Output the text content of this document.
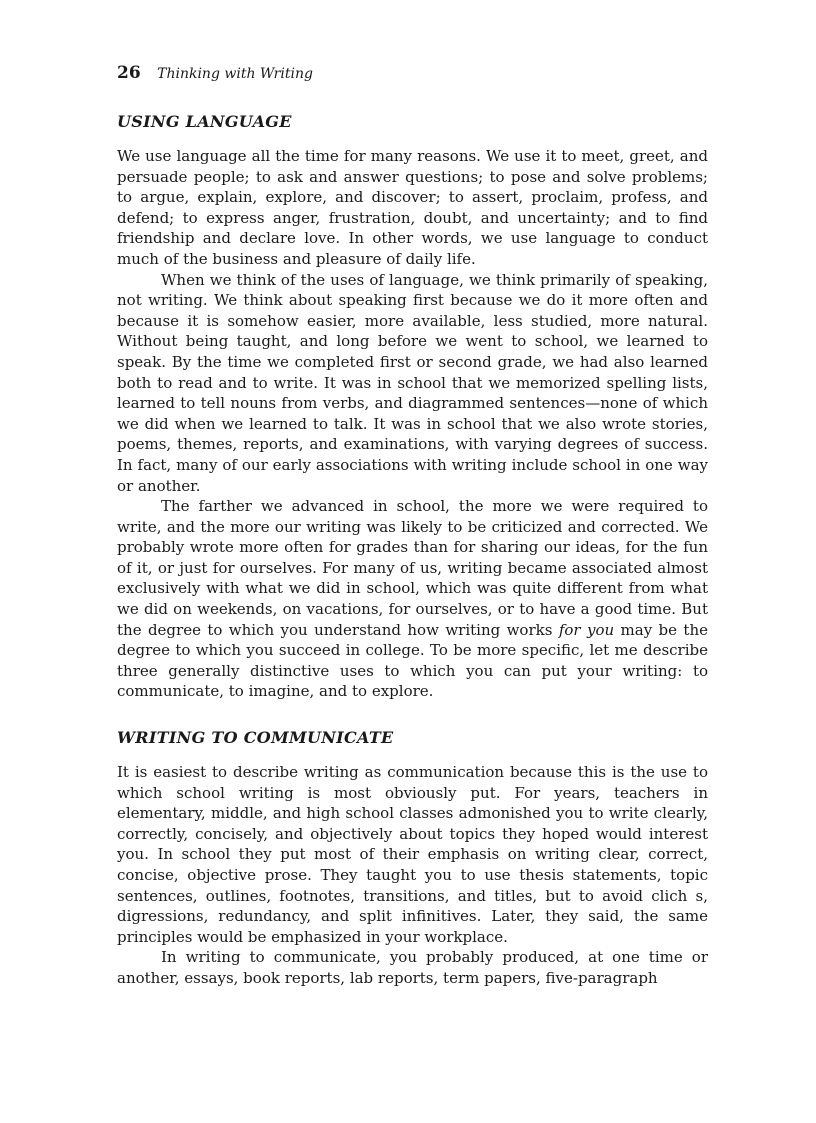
26 Thinking with Writing
USING LANGUAGE

We use language all the time for many reasons. We use it to meet, greet, and persuade people; to ask and answer questions; to pose and solve problems; to argue, explain, explore, and discover; to assert, proclaim, profess, and defend; to express anger, frustration, doubt, and uncertainty; and to find friendship and declare love. In other words, we use language to conduct much of the business and pleasure of daily life.

When we think of the uses of language, we think primarily of speaking, not writing. We think about speaking first because we do it more often and because it is somehow easier, more available, less studied, more natural. Without being taught, and long before we went to school, we learned to speak. By the time we completed first or second grade, we had also learned both to read and to write. It was in school that we memorized spelling lists, learned to tell nouns from verbs, and diagrammed sentences—none of which we did when we learned to talk. It was in school that we also wrote stories, poems, themes, reports, and examinations, with varying degrees of success. In fact, many of our early associations with writing include school in one way or another.

The farther we advanced in school, the more we were required to write, and the more our writing was likely to be criticized and corrected. We probably wrote more often for grades than for sharing our ideas, for the fun of it, or just for ourselves. For many of us, writing became associated almost exclusively with what we did in school, which was quite different from what we did on weekends, on vacations, for ourselves, or to have a good time. But the degree to which you understand how writing works for you may be the degree to which you succeed in college. To be more specific, let me describe three generally distinctive uses to which you can put your writing: to communicate, to imagine, and to explore.

WRITING TO COMMUNICATE

It is easiest to describe writing as communication because this is the use to which school writing is most obviously put. For years, teachers in elementary, middle, and high school classes admonished you to write clearly, correctly, concisely, and objectively about topics they hoped would interest you. In school they put most of their emphasis on writing clear, correct, concise, objective prose. They taught you to use thesis statements, topic sentences, outlines, footnotes, transitions, and titles, but to avoid clich s, digressions, redundancy, and split infinitives. Later, they said, the same principles would be emphasized in your workplace.

In writing to communicate, you probably produced, at one time or another, essays, book reports, lab reports, term papers, five-paragraph
